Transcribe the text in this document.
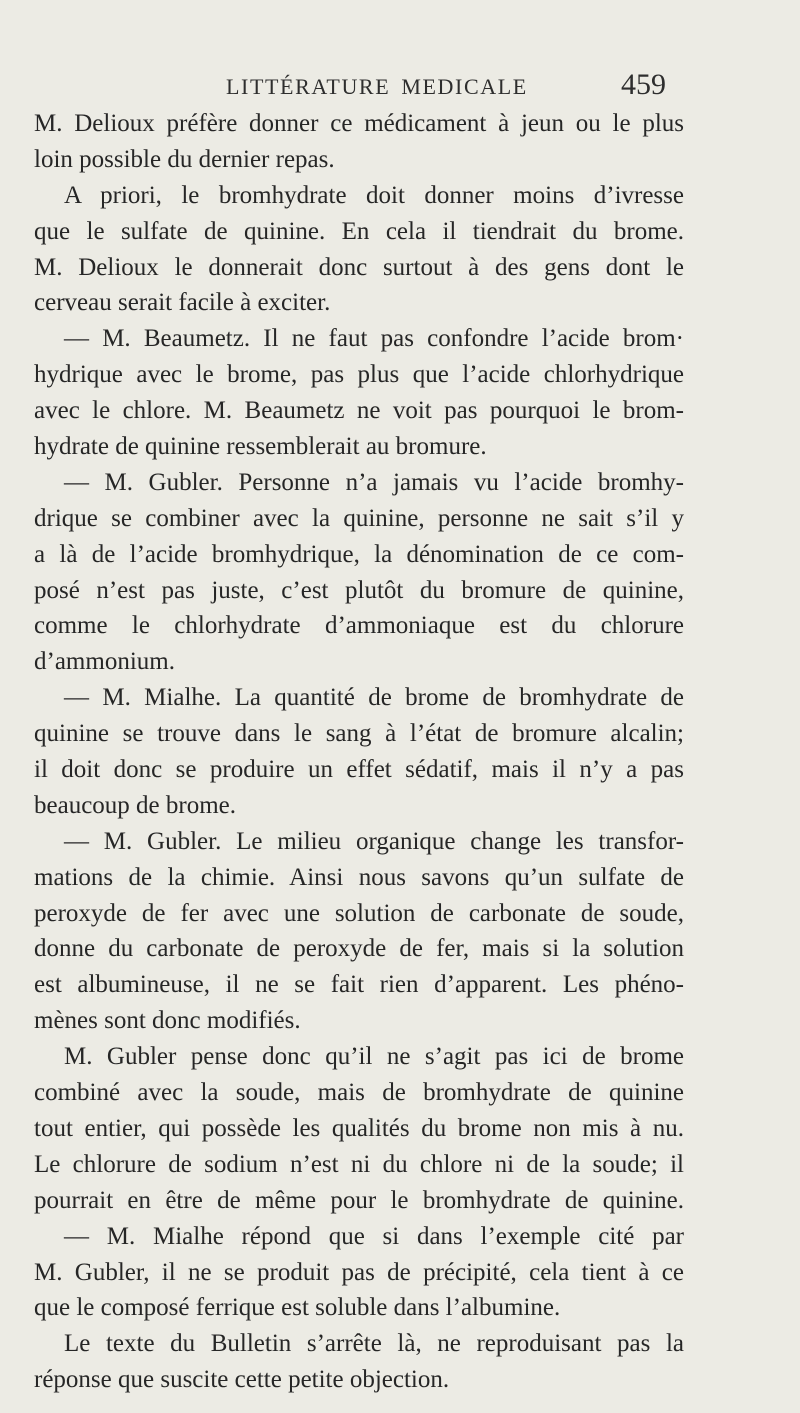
LITTÉRATURE MEDICALE	459
M. Delioux préfère donner ce médicament à jeun ou le plus
loin possible du dernier repas.
A priori, le bromhydrate doit donner moins d’ivresse
que le sulfate de quinine. En cela il tiendrait du brome.
M. Delioux le donnerait donc surtout à des gens dont le
cerveau serait facile à exciter.
— M. Beaumetz. Il ne faut pas confondre l’acide brom·
hydrique avec le brome, pas plus que l’acide chlorhydrique
avec le chlore. M. Beaumetz ne voit pas pourquoi le brom-
hydrate de quinine ressemblerait au bromure.
— M. Gubler. Personne n’a jamais vu l’acide bromhy-
drique se combiner avec la quinine, personne ne sait s’il y
a là de l’acide bromhydrique, la dénomination de ce com-
posé n’est pas juste, c’est plutôt du bromure de quinine,
comme le chlorhydrate d’ammoniaque est du chlorure
d’ammonium.
— M. Mialhe. La quantité de brome de bromhydrate de
quinine se trouve dans le sang à l’état de bromure alcalin;
il doit donc se produire un effet sédatif, mais il n’y a pas
beaucoup de brome.
— M. Gubler. Le milieu organique change les transfor-
mations de la chimie. Ainsi nous savons qu’un sulfate de
peroxyde de fer avec une solution de carbonate de soude,
donne du carbonate de peroxyde de fer, mais si la solution
est albumineuse, il ne se fait rien d’apparent. Les phéno-
mènes sont donc modifiés.
M. Gubler pense donc qu’il ne s’agit pas ici de brome
combiné avec la soude, mais de bromhydrate de quinine
tout entier, qui possède les qualités du brome non mis à nu.
Le chlorure de sodium n’est ni du chlore ni de la soude; il
pourrait en être de même pour le bromhydrate de quinine.
— M. Mialhe répond que si dans l’exemple cité par
M. Gubler, il ne se produit pas de précipité, cela tient à ce
que le composé ferrique est soluble dans l’albumine.
Le texte du Bulletin s’arrête là, ne reproduisant pas la
réponse que suscite cette petite objection.
